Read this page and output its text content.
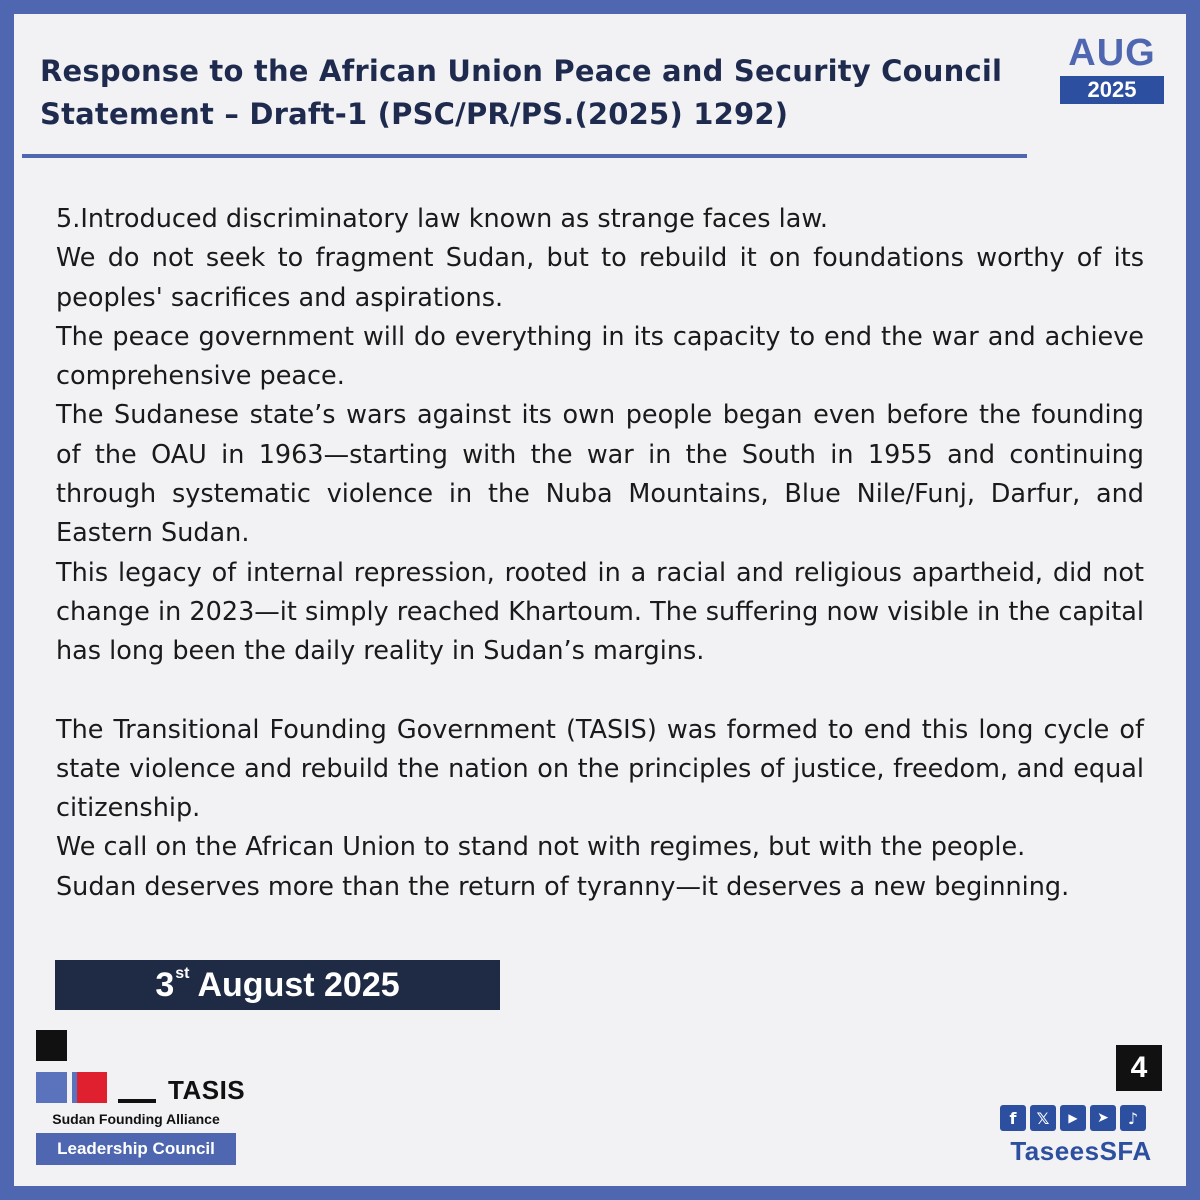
Response to the African Union Peace and Security Council Statement – Draft-1 (PSC/PR/PS.(2025) 1292)
AUG
2025

5.Introduced discriminatory law known as strange faces law.

We do not seek to fragment Sudan, but to rebuild it on foundations worthy of its peoples' sacrifices and aspirations.

The peace government will do everything in its capacity to end the war and achieve comprehensive peace.

The Sudanese state’s wars against its own people began even before the founding of the OAU in 1963—starting with the war in the South in 1955 and continuing through systematic violence in the Nuba Mountains, Blue Nile/Funj, Darfur, and Eastern Sudan.

This legacy of internal repression, rooted in a racial and religious apartheid, did not change in 2023—it simply reached Khartoum. The suffering now visible in the capital has long been the daily reality in Sudan’s margins.

The Transitional Founding Government (TASIS) was formed to end this long cycle of state violence and rebuild the nation on the principles of justice, freedom, and equal citizenship.

We call on the African Union to stand not with regimes, but with the people.

Sudan deserves more than the return of tyranny—it deserves a new beginning.

3st August 2025
TASIS
Sudan Founding Alliance
Leadership Council
4
f	𝕏	▶	➤	♪
TaseesSFA
